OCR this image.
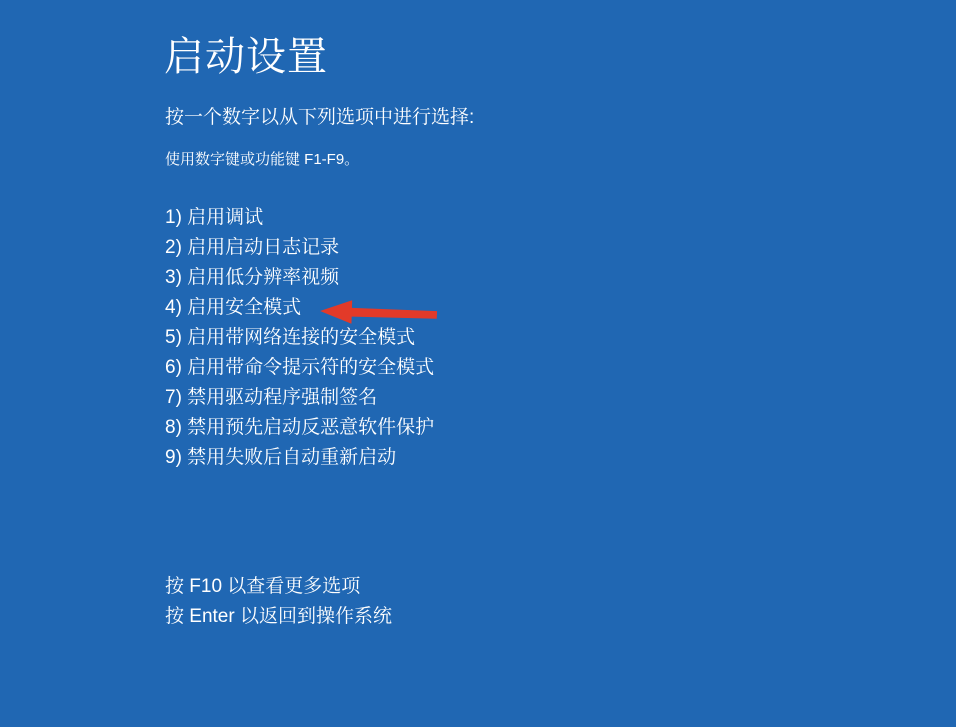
启动设置
按一个数字以从下列选项中进行选择:
使用数字键或功能键 F1-F9。
1) 启用调试
2) 启用启动日志记录
3) 启用低分辨率视频
4) 启用安全模式
5) 启用带网络连接的安全模式
6) 启用带命令提示符的安全模式
7) 禁用驱动程序强制签名
8) 禁用预先启动反恶意软件保护
9) 禁用失败后自动重新启动
按 F10 以查看更多选项
按 Enter 以返回到操作系统
